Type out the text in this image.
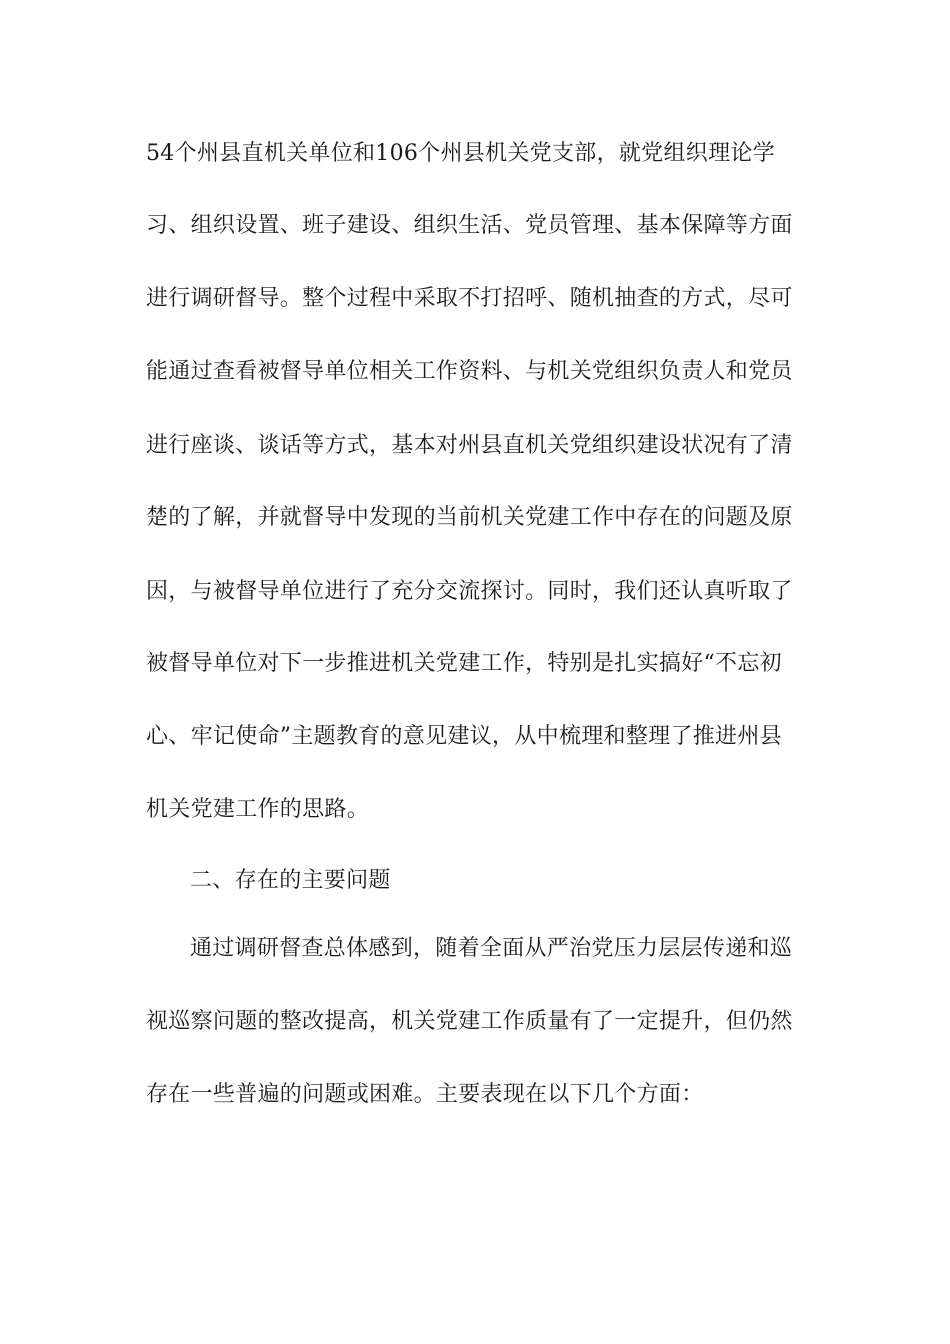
54个州县直机关单位和106个州县机关党支部，就党组织理论学
习、组织设置、班子建设、组织生活、党员管理、基本保障等方面
进行调研督导。整个过程中采取不打招呼、随机抽查的方式，尽可
能通过查看被督导单位相关工作资料、与机关党组织负责人和党员
进行座谈、谈话等方式，基本对州县直机关党组织建设状况有了清
楚的了解，并就督导中发现的当前机关党建工作中存在的问题及原
因，与被督导单位进行了充分交流探讨。同时，我们还认真听取了
被督导单位对下一步推进机关党建工作，特别是扎实搞好“不忘初
心、牢记使命”主题教育的意见建议，从中梳理和整理了推进州县
机关党建工作的思路。
二、存在的主要问题
通过调研督查总体感到，随着全面从严治党压力层层传递和巡
视巡察问题的整改提高，机关党建工作质量有了一定提升，但仍然
存在一些普遍的问题或困难。主要表现在以下几个方面：
